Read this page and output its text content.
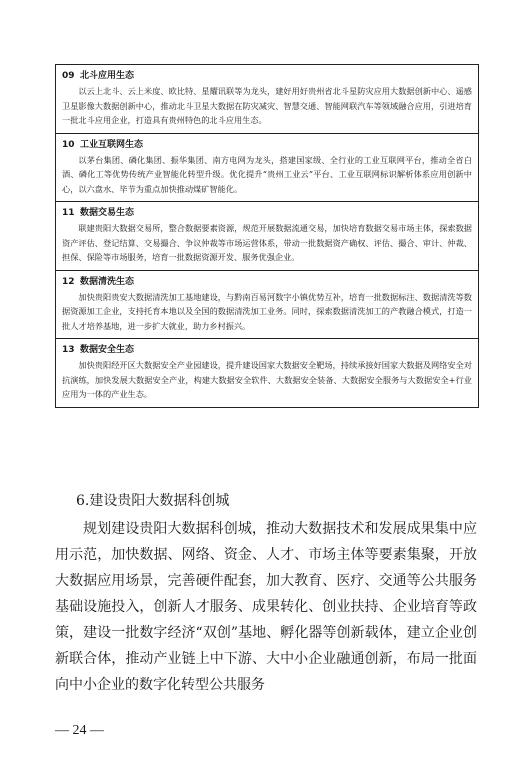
09 北斗应用生态
以云上北斗、云上米度、欧比特、星耀讯联等为龙头，建好用好贵州省北斗星防灾应用大数据创新中心、遥感卫星影像大数据创新中心，推动北斗卫星大数据在防灾减灾、智慧交通、智能网联汽车等领域融合应用，引进培育一批北斗应用企业，打造具有贵州特色的北斗应用生态。
10 工业互联网生态
以茅台集团、磷化集团、振华集团、南方电网为龙头，搭建国家级、全行业的工业互联网平台，推动全省白酒、磷化工等优势传统产业智能化转型升级。优化提升“贵州工业云”平台、工业互联网标识解析体系应用创新中心，以六盘水、毕节为重点加快推动煤矿智能化。
11 数据交易生态
联建贵阳大数据交易所，整合数据要素资源，规范开展数据流通交易，加快培育数据交易市场主体，探索数据资产评估、登记结算、交易撮合、争议仲裁等市场运营体系，带动一批数据资产确权、评估、撮合、审计、仲裁、担保、保险等市场服务，培育一批数据资源开发、服务优强企业。
12 数据清洗生态
加快贵阳贵安大数据清洗加工基地建设，与黔南百易河数字小镇优势互补，培育一批数据标注、数据清洗等数据资源加工企业，支持托育本地以及全国的数据清洗加工业务。同时，探索数据清洗加工的产教融合模式，打造一批人才培养基地，进一步扩大就业，助力乡村振兴。
13 数据安全生态
加快贵阳经开区大数据安全产业园建设，提升建设国家大数据安全靶场，持续承接好国家大数据及网络安全对抗演练，加快发展大数据安全产业，构建大数据安全软件、大数据安全装备、大数据安全服务与大数据安全+行业应用为一体的产业生态。
6.建设贵阳大数据科创城
规划建设贵阳大数据科创城，推动大数据技术和发展成果集中应用示范，加快数据、网络、资金、人才、市场主体等要素集聚，开放大数据应用场景，完善硬件配套，加大教育、医疗、交通等公共服务基础设施投入，创新人才服务、成果转化、创业扶持、企业培育等政策，建设一批数字经济“双创”基地、孵化器等创新载体，建立企业创新联合体，推动产业链上中下游、大中小企业融通创新，布局一批面向中小企业的数字化转型公共服务
— 24 —
